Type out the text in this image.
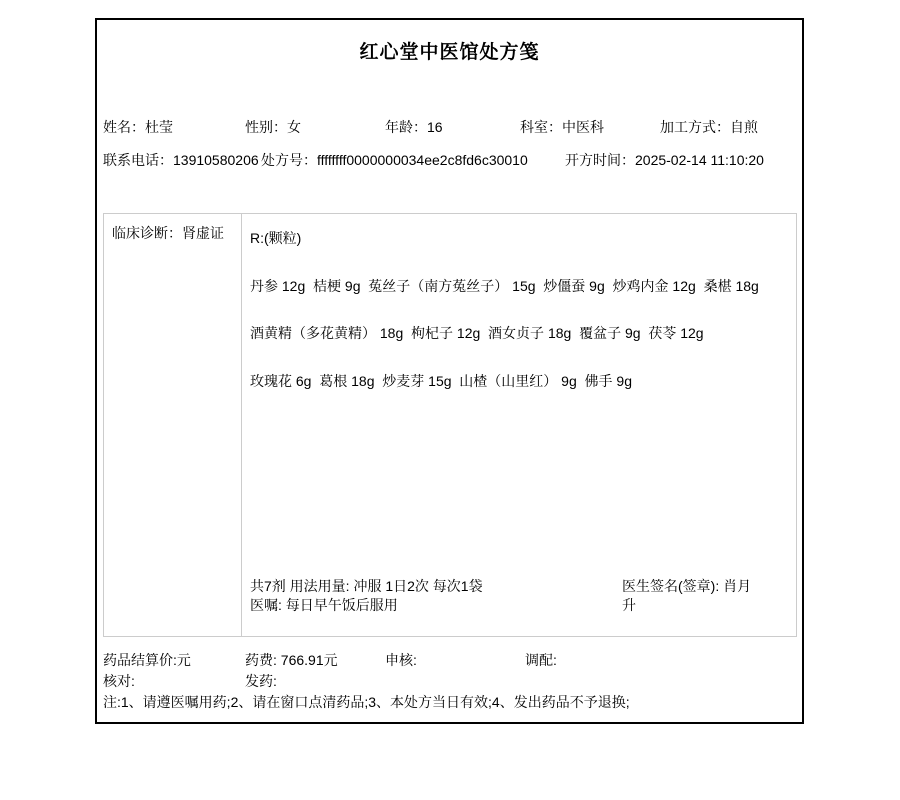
红心堂中医馆处方笺
姓名：杜莹	性别：女	年龄：16	科室：中医科	加工方式：自煎
联系电话：13910580206 处方号：ffffffff0000000034ee2c8fd6c30010	开方时间：2025-02-14 11:10:20
临床诊断：肾虚证 R:(颗粒)
丹参 12g  桔梗 9g  菟丝子（南方菟丝子） 15g  炒僵蚕 9g  炒鸡内金 12g  桑椹 18g
酒黄精（多花黄精） 18g  枸杞子 12g  酒女贞子 18g  覆盆子 9g  茯苓 12g
玫瑰花 6g  葛根 18g  炒麦芽 15g  山楂（山里红） 9g  佛手 9g
共7剂 用法用量: 冲服 1日2次 每次1袋
医嘱: 每日早午饭后服用
医生签名(签章): 肖月升
药品结算价:元	药费: 766.91元	申核:	调配:
核对:	发药:
注:1、请遵医嘱用药;2、请在窗口点清药品;3、本处方当日有效;4、发出药品不予退换;
